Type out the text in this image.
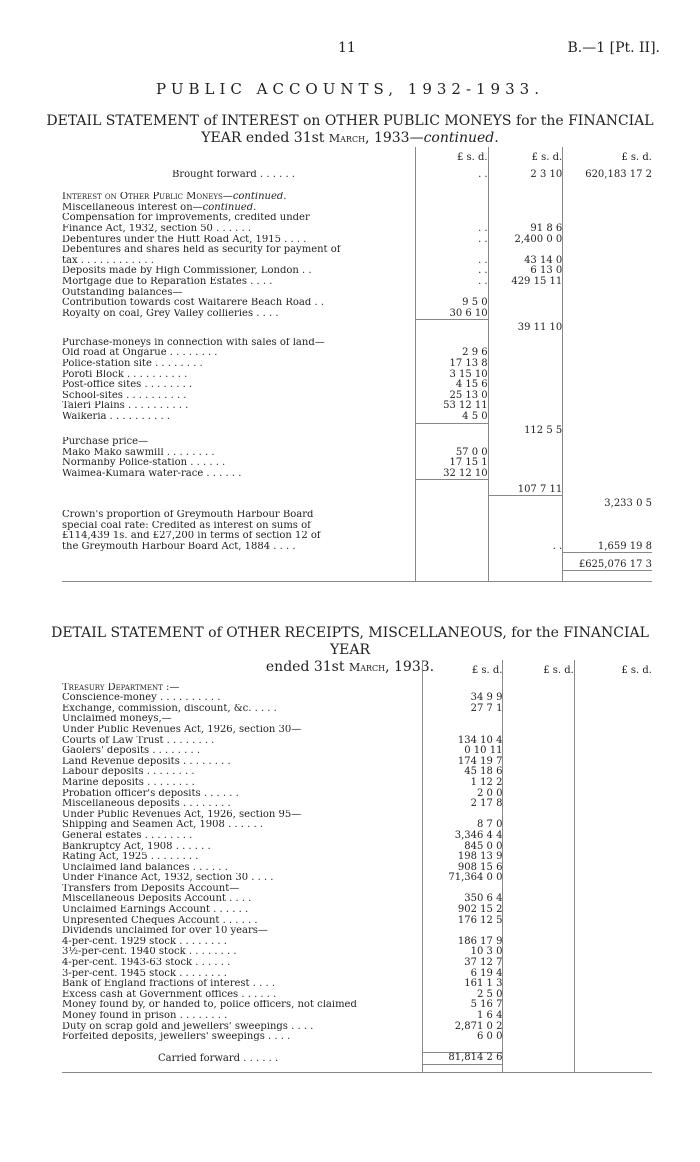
11	B.—1 [Pt. II].
PUBLIC ACCOUNTS, 1932-1933.
DETAIL STATEMENT of INTEREST on OTHER PUBLIC MONEYS for the FINANCIAL
YEAR ended 31st March, 1933—continued.
	£ s. d.	£ s. d.	£ s. d.
Brought forward . . . . . .	. .	2 3 10	620,183 17 2

Interest on Other Public Moneys—continued.			
Miscellaneous interest on—continued.			
Compensation for improvements, credited under			
Finance Act, 1932, section 50 . . . . . .	. .	91 8 6	
Debentures under the Hutt Road Act, 1915 . . . .	. .	2,400 0 0	
Debentures and shares held as security for payment of			
tax . . . . . . . . . . . .	. .	43 14 0	
Deposits made by High Commissioner, London . .	. .	6 13 0	
Mortgage due to Reparation Estates . . . .	. .	429 15 11	
Outstanding balances—			
Contribution towards cost Waitarere Beach Road . .	9 5 0		
Royalty on coal, Grey Valley collieries . . . .	30 6 10		
		39 11 10	

Purchase-moneys in connection with sales of land—			
Old road at Ongarue . . . . . . . .	2 9 6		
Police-station site . . . . . . . .	17 13 8		
Poroti Block . . . . . . . . . .	3 15 10		
Post-office sites . . . . . . . .	4 15 6		
School-sites . . . . . . . . . .	25 13 0		
Taieri Plains . . . . . . . . . .	53 12 11		
Waikeria . . . . . . . . . .	4 5 0		
		112 5 5	
Purchase price—			
Mako Mako sawmill . . . . . . . .	57 0 0		
Normanby Police-station . . . . . .	17 15 1		
Waimea-Kumara water-race . . . . . .	32 12 10		
		107 7 11	
			3,233 0 5
Crown's proportion of Greymouth Harbour Board			
special coal rate: Credited as interest on sums of			
£114,439 1s. and £27,200 in terms of section 12 of			
the Greymouth Harbour Board Act, 1884 . . . .		. .	1,659 19 8
			£625,076 17 3

DETAIL STATEMENT of OTHER RECEIPTS, MISCELLANEOUS, for the FINANCIAL YEAR
ended 31st March, 1933.
		£ s. d.	£ s. d.	£ s. d.
Treasury Department :—			
Conscience-money . . . . . . . . . .	34 9 9		
Exchange, commission, discount, &c. . . . .	27 7 1		
Unclaimed moneys,—			
Under Public Revenues Act, 1926, section 30—			
Courts of Law Trust . . . . . . . .	134 10 4		
Gaolers' deposits . . . . . . . .	0 10 11		
Land Revenue deposits . . . . . . . .	174 19 7		
Labour deposits . . . . . . . .	45 18 6		
Marine deposits . . . . . . . .	1 12 2		
Probation officer's deposits . . . . . .	2 0 0		
Miscellaneous deposits . . . . . . . .	2 17 8		
Under Public Revenues Act, 1926, section 95—			
Shipping and Seamen Act, 1908 . . . . . .	8 7 0		
General estates . . . . . . . .	3,346 4 4		
Bankruptcy Act, 1908 . . . . . .	845 0 0		
Rating Act, 1925 . . . . . . . .	198 13 9		
Unclaimed land balances . . . . . .	908 15 6		
Under Finance Act, 1932, section 30 . . . .	71,364 0 0		
Transfers from Deposits Account—			
Miscellaneous Deposits Account . . . .	350 6 4		
Unclaimed Earnings Account . . . . . .	902 15 2		
Unpresented Cheques Account . . . . . .	176 12 5		
Dividends unclaimed for over 10 years—			
4-per-cent. 1929 stock . . . . . . . .	186 17 9		
3½-per-cent. 1940 stock . . . . . . . .	10 3 0		
4-per-cent. 1943-63 stock . . . . . .	37 12 7		
3-per-cent. 1945 stock . . . . . . . .	6 19 4		
Bank of England fractions of interest . . . .	161 1 3		
Excess cash at Government offices . . . . . .	2 5 0		
Money found by, or handed to, police officers, not claimed	5 16 7		
Money found in prison . . . . . . . .	1 6 4		
Duty on scrap gold and jewellers' sweepings . . . .	2,871 0 2		
Forfeited deposits, jewellers' sweepings . . . .	6 0 0		

Carried forward . . . . . .	81,814 2 6		
